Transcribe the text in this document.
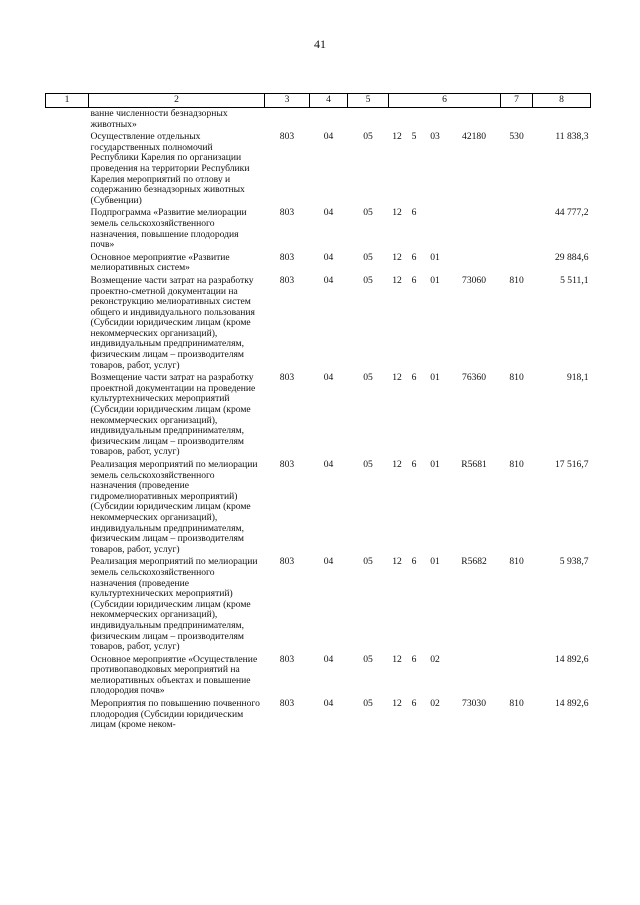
41
1	2	3	4	5	6				7	8
	ванне численности безнадзорных животных»									
	Осуществление отдельных государственных полномочий Республики Карелия по организации проведения на территории Республики Карелия мероприятий по отлову и содержанию безнадзорных животных (Субвенции)	803	04	05	12	5	03	42180	530	11 838,3
	Подпрограмма «Развитие мелиорации земель сельскохозяйственного назначения, повышение плодородия почв»	803	04	05	12	6				44 777,2
	Основное мероприятие «Развитие мелиоративных систем»	803	04	05	12	6	01			29 884,6
	Возмещение части затрат на разработку проектно-сметной документации на реконструкцию мелиоративных систем общего и индивидуального пользования (Субсидии юридическим лицам (кроме некоммерческих организаций), индивидуальным предпринимателям, физическим лицам – производителям товаров, работ, услуг)	803	04	05	12	6	01	73060	810	5 511,1
	Возмещение части затрат на разработку проектной документации на проведение культуртехнических мероприятий (Субсидии юридическим лицам (кроме некоммерческих организаций), индивидуальным предпринимателям, физическим лицам – производителям товаров, работ, услуг)	803	04	05	12	6	01	76360	810	918,1
	Реализация мероприятий по мелиорации земель сельскохозяйственного назначения (проведение гидромелиоративных мероприятий) (Субсидии юридическим лицам (кроме некоммерческих организаций), индивидуальным предпринимателям, физическим лицам – производителям товаров, работ, услуг)	803	04	05	12	6	01	R5681	810	17 516,7
	Реализация мероприятий по мелиорации земель сельскохозяйственного назначения (проведение культуртехнических мероприятий) (Субсидии юридическим лицам (кроме некоммерческих организаций), индивидуальным предпринимателям, физическим лицам – производителям товаров, работ, услуг)	803	04	05	12	6	01	R5682	810	5 938,7
	Основное мероприятие «Осуществление противопаводковых мероприятий на мелиоративных объектах и повышение плодородия почв»	803	04	05	12	6	02			14 892,6
	Мероприятия по повышению почвенного плодородия (Субсидии юридическим лицам (кроме неком-	803	04	05	12	6	02	73030	810	14 892,6
